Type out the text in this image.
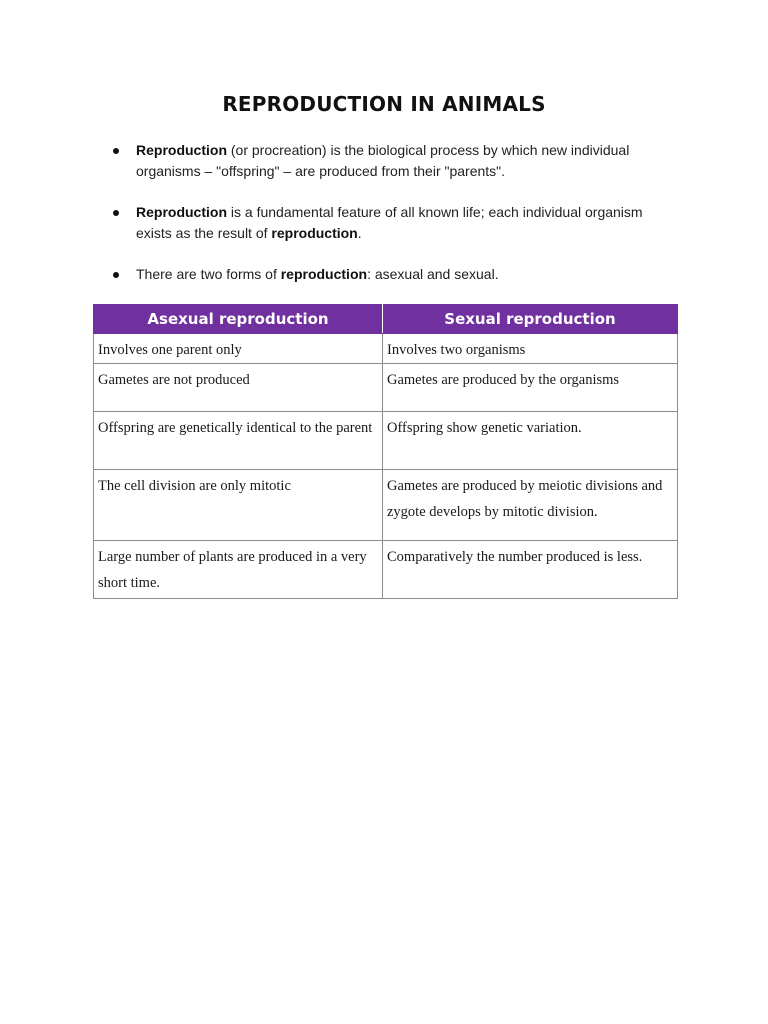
REPRODUCTION IN ANIMALS
Reproduction (or procreation) is the biological process by which new individual organisms – "offspring" – are produced from their "parents".
Reproduction is a fundamental feature of all known life; each individual organism exists as the result of reproduction.
There are two forms of reproduction: asexual and sexual.
Asexual reproduction	Sexual reproduction
Involves one parent only	Involves two organisms
Gametes are not produced	Gametes are produced by the organisms
Offspring are genetically identical to the parent	Offspring show genetic variation.
The cell division are only mitotic	Gametes are produced by meiotic divisions and zygote develops by mitotic division.
Large number of plants are produced in a very short time.	Comparatively the number produced is less.
